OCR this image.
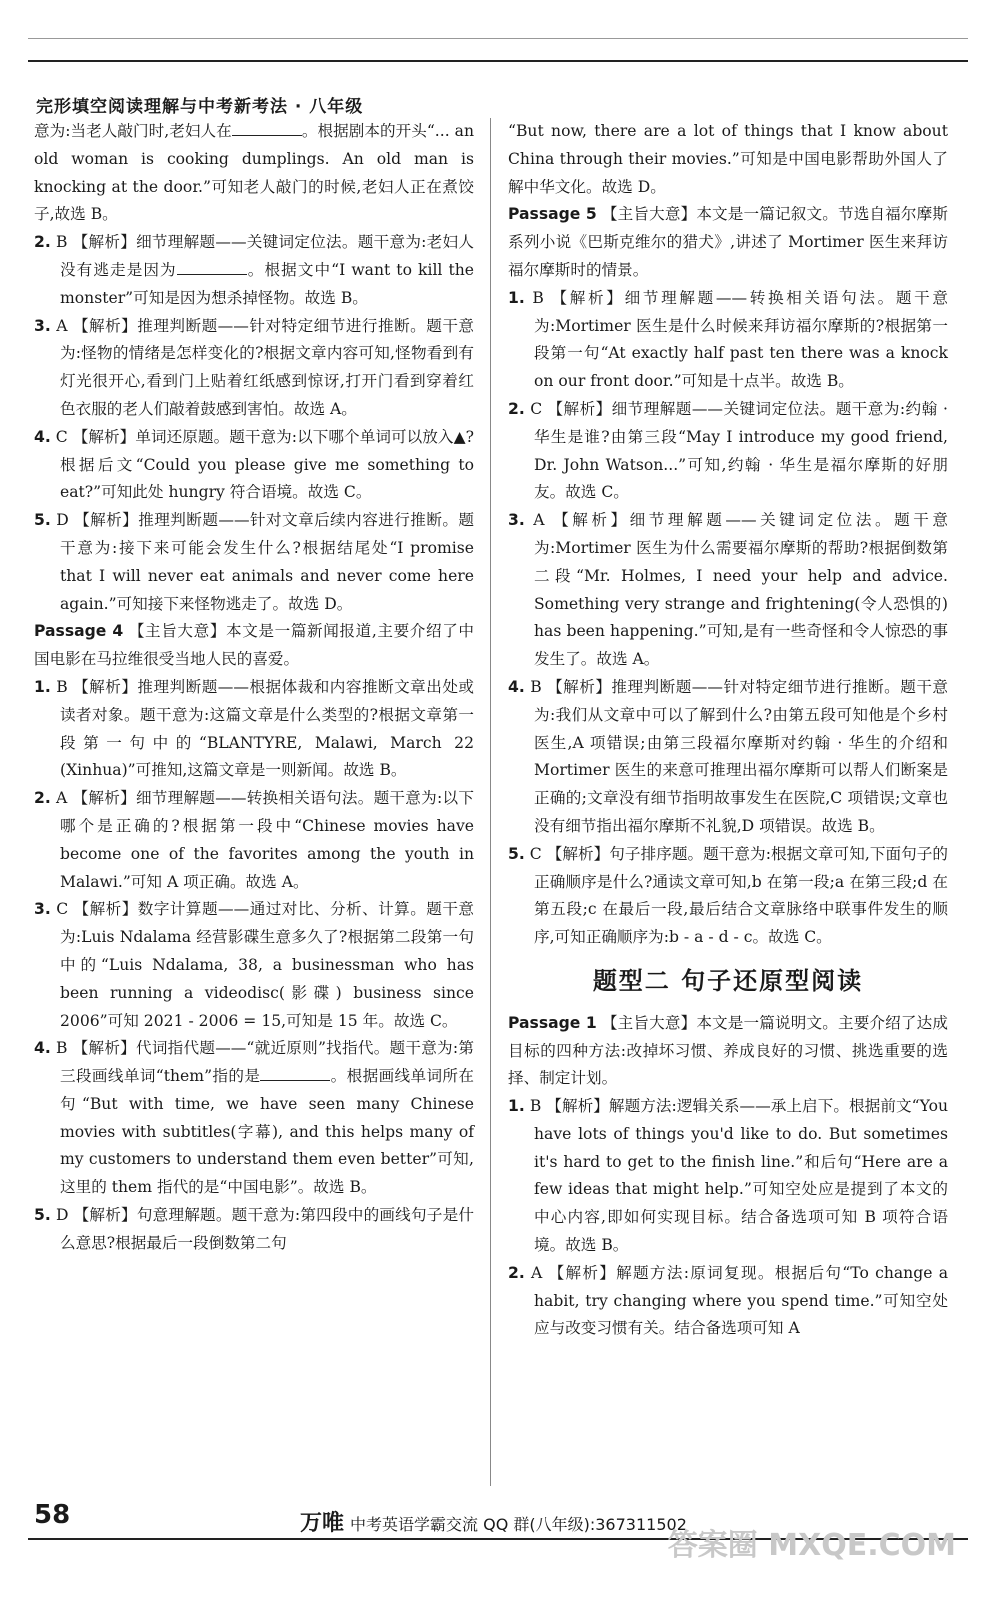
完形填空阅读理解与中考新考法 · 八年级

意为:当老人敲门时,老妇人在	。根据剧本的开头“... an old woman is cooking dumplings. An old man is knocking at the door.”可知老人敲门的时候,老妇人正在煮饺子,故选 B。

2. B 【解析】细节理解题——关键词定位法。题干意为:老妇人没有逃走是因为	。根据文中“I want to kill the monster”可知是因为想杀掉怪物。故选 B。

3. A 【解析】推理判断题——针对特定细节进行推断。题干意为:怪物的情绪是怎样变化的?根据文章内容可知,怪物看到有灯光很开心,看到门上贴着红纸感到惊讶,打开门看到穿着红色衣服的老人们敲着鼓感到害怕。故选 A。

4. C 【解析】单词还原题。题干意为:以下哪个单词可以放入▲?根据后文“Could you please give me something to eat?”可知此处 hungry 符合语境。故选 C。

5. D 【解析】推理判断题——针对文章后续内容进行推断。题干意为:接下来可能会发生什么?根据结尾处“I promise that I will never eat animals and never come here again.”可知接下来怪物逃走了。故选 D。

Passage 4 【主旨大意】本文是一篇新闻报道,主要介绍了中国电影在马拉维很受当地人民的喜爱。

1. B 【解析】推理判断题——根据体裁和内容推断文章出处或读者对象。题干意为:这篇文章是什么类型的?根据文章第一段第一句中的“BLANTYRE, Malawi, March 22 (Xinhua)”可推知,这篇文章是一则新闻。故选 B。

2. A 【解析】细节理解题——转换相关语句法。题干意为:以下哪个是正确的?根据第一段中“Chinese movies have become one of the favorites among the youth in Malawi.”可知 A 项正确。故选 A。

3. C 【解析】数字计算题——通过对比、分析、计算。题干意为:Luis Ndalama 经营影碟生意多久了?根据第二段第一句中的“Luis Ndalama, 38, a businessman who has been running a videodisc(影碟) business since 2006”可知 2021 - 2006 = 15,可知是 15 年。故选 C。

4. B 【解析】代词指代题——“就近原则”找指代。题干意为:第三段画线单词“them”指的是	。根据画线单词所在句“But with time, we have seen many Chinese movies with subtitles(字幕), and this helps many of my customers to understand them even better”可知,这里的 them 指代的是“中国电影”。故选 B。

5. D 【解析】句意理解题。题干意为:第四段中的画线句子是什么意思?根据最后一段倒数第二句

“But now, there are a lot of things that I know about China through their movies.”可知是中国电影帮助外国人了解中华文化。故选 D。

Passage 5 【主旨大意】本文是一篇记叙文。节选自福尔摩斯系列小说《巴斯克维尔的猎犬》,讲述了 Mortimer 医生来拜访福尔摩斯时的情景。

1. B 【解析】细节理解题——转换相关语句法。题干意为:Mortimer 医生是什么时候来拜访福尔摩斯的?根据第一段第一句“At exactly half past ten there was a knock on our front door.”可知是十点半。故选 B。

2. C 【解析】细节理解题——关键词定位法。题干意为:约翰 · 华生是谁?由第三段“May I introduce my good friend, Dr. John Watson...”可知,约翰 · 华生是福尔摩斯的好朋友。故选 C。

3. A 【解析】细节理解题——关键词定位法。题干意为:Mortimer 医生为什么需要福尔摩斯的帮助?根据倒数第二段“Mr. Holmes, I need your help and advice. Something very strange and frightening(令人恐惧的) has been happening.”可知,是有一些奇怪和令人惊恐的事发生了。故选 A。

4. B 【解析】推理判断题——针对特定细节进行推断。题干意为:我们从文章中可以了解到什么?由第五段可知他是个乡村医生,A 项错误;由第三段福尔摩斯对约翰 · 华生的介绍和 Mortimer 医生的来意可推理出福尔摩斯可以帮人们断案是正确的;文章没有细节指明故事发生在医院,C 项错误;文章也没有细节指出福尔摩斯不礼貌,D 项错误。故选 B。

5. C 【解析】句子排序题。题干意为:根据文章可知,下面句子的正确顺序是什么?通读文章可知,b 在第一段;a 在第三段;d 在第五段;c 在最后一段,最后结合文章脉络中联事件发生的顺序,可知正确顺序为:b - a - d - c。故选 C。

题型二 句子还原型阅读

Passage 1 【主旨大意】本文是一篇说明文。主要介绍了达成目标的四种方法:改掉坏习惯、养成良好的习惯、挑选重要的选择、制定计划。

1. B 【解析】解题方法:逻辑关系——承上启下。根据前文“You have lots of things you'd like to do. But sometimes it's hard to get to the finish line.”和后句“Here are a few ideas that might help.”可知空处应是提到了本文的中心内容,即如何实现目标。结合备选项可知 B 项符合语境。故选 B。

2. A 【解析】解题方法:原词复现。根据后句“To change a habit, try changing where you spend time.”可知空处应与改变习惯有关。结合备选项可知 A

58	万唯 中考英语学霸交流 QQ 群(八年级):367311502
答案圈 MXQE.COM
